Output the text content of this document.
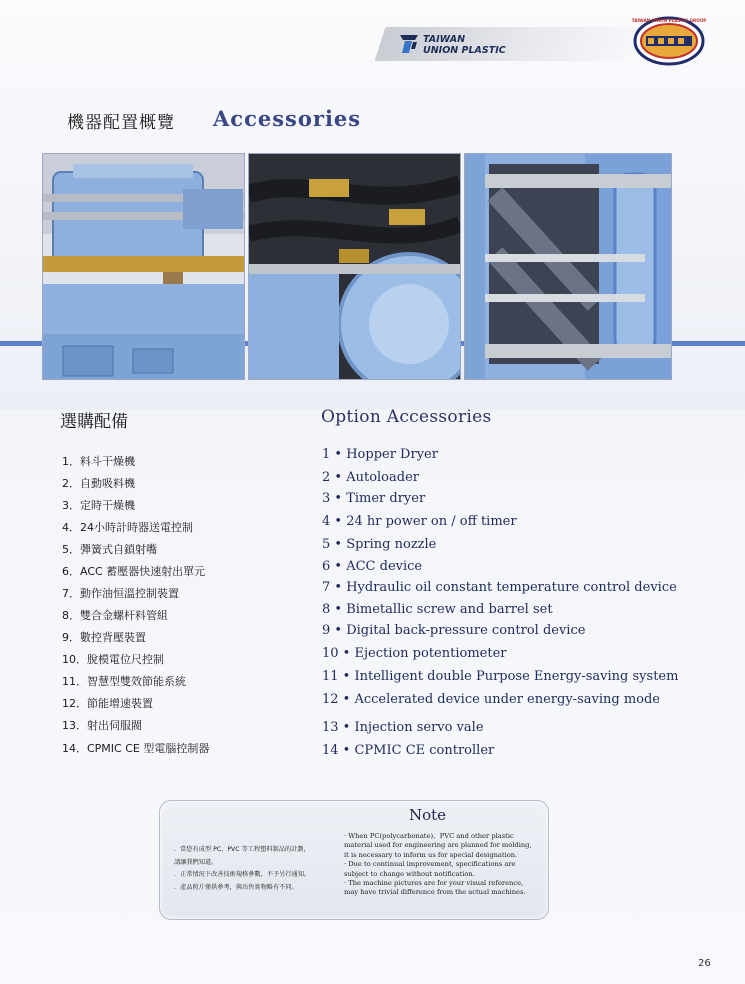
TAIWAN
UNION PLASTIC
TAIWAN UNION PLASTIC GROUP
機器配置概覽 Accessories
選購配備	Option Accessories
1．料斗干燥機
2．自動吸料機
3．定時干燥機
4．24小時計時器送電控制
5．彈簧式自鎖射嘴
6．ACC 蓄壓器快速射出單元
7．動作油恒溫控制裝置
8．雙合金螺杆料管組
9．數控背壓裝置
10．脫模電位尺控制
11．智慧型雙效節能系統
12．節能增速裝置
13．射出伺服閥
14．CPMIC CE 型電腦控制器
1 • Hopper Dryer
2 • Autoloader
3 • Timer dryer
4 • 24 hr power on / off timer
5 • Spring nozzle
6 • ACC device
7 • Hydraulic oil constant temperature control device
8 • Bimetallic screw and barrel set
9 • Digital back-pressure control device
10 • Ejection potentiometer
11 • Intelligent double Purpose Energy-saving system
12 • Accelerated device under energy-saving mode
13 • Injection servo vale
14 • CPMIC CE controller
Note
．當您有成型 PC、PVC 等工程塑料制品的計劃，
請讓我們知道。
．正常情況下改善技術規格參數，不予另行通知。
．產品照片僅供參考，與出售實物略有不同。
· When PC(polycarbonate)、PVC and other plastic
material used for engineering are planned for molding,
it is necessary to inform us for special designation.
· Due to continual improvement, specifications are
subject to change without notification.
· The machine pictures are for your visual reference,
may have trivial difference from the actual machines.
26
